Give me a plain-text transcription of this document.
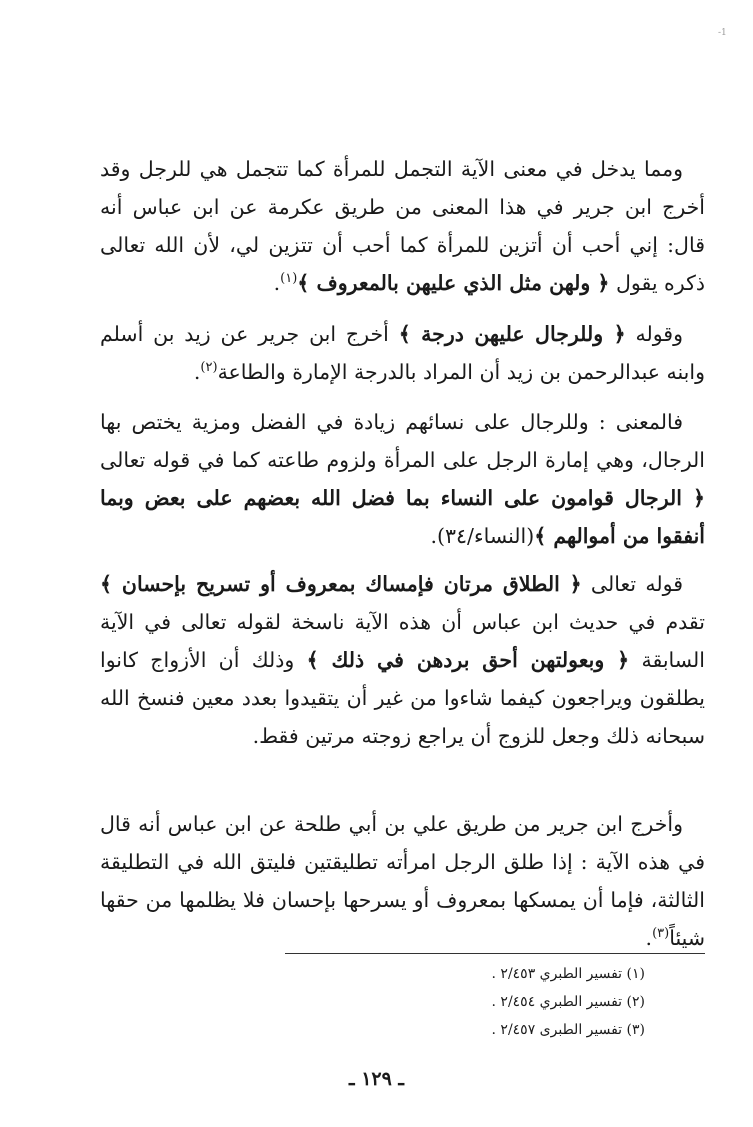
-1

ومما يدخل في معنى الآية التجمل للمرأة كما تتجمل هي للرجل وقد أخرج ابن جرير في هذا المعنى من طريق عكرمة عن ابن عباس أنه قال: إني أحب أن أتزين للمرأة كما أحب أن تتزين لي، لأن الله تعالى ذكره يقول ﴿ ولهن مثل الذي عليهن بالمعروف ﴾$^{(١)}$.

وقوله ﴿ وللرجال عليهن درجة ﴾ أخرج ابن جرير عن زيد بن أسلم وابنه عبدالرحمن بن زيد أن المراد بالدرجة الإمارة والطاعة$^{(٢)}$.

فالمعنى : وللرجال على نسائهم زيادة في الفضل ومزية يختص بها الرجال، وهي إمارة الرجل على المرأة ولزوم طاعته كما في قوله تعالى ﴿ الرجال قوامون على النساء بما فضل الله بعضهم على بعض وبما أنفقوا من أموالهم ﴾(النساء/٣٤).

قوله تعالى ﴿ الطلاق مرتان فإمساك بمعروف أو تسريح بإحسان ﴾ تقدم في حديث ابن عباس أن هذه الآية ناسخة لقوله تعالى في الآية السابقة ﴿ وبعولتهن أحق بردهن في ذلك ﴾ وذلك أن الأزواج كانوا يطلقون ويراجعون كيفما شاءوا من غير أن يتقيدوا بعدد معين فنسخ الله سبحانه ذلك وجعل للزوج أن يراجع زوجته مرتين فقط.

وأخرج ابن جرير من طريق علي بن أبي طلحة عن ابن عباس أنه قال في هذه الآية : إذا طلق الرجل امرأته تطليقتين فليتق الله في التطليقة الثالثة، فإما أن يمسكها بمعروف أو يسرحها بإحسان فلا يظلمها من حقها شيئاً$^{(٣)}$.

(١) تفسير الطبري ٢/٤٥٣ .
(٢) تفسير الطبري ٢/٤٥٤ .
(٣) تفسير الطبرى ٢/٤٥٧ .
ـ ١٢٩ ـ
